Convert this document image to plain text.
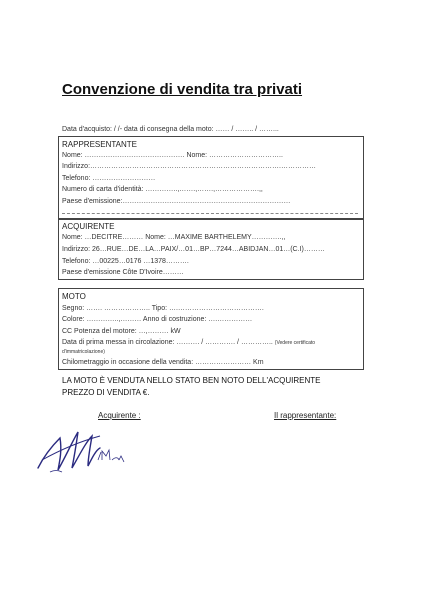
Convenzione di vendita tra privati
Data d'acquisto: / /- data di consegna della moto: …… / …….. / ……...
RAPPRESENTANTE
Nome: ……………………………………. Nome: …………………………..
Indirizzo:……………………………………………………………………….……………
Telefono: ………………………
Numero di carta d'identità: …………..,…….,…….,……………….,,
Paese d'emissione:………………………………………………………………
ACQUIRENTE
Nome: …DECITRE……… Nome: …MAXIME BARTHELEMY………….,,
Indirizzo: 26…RUE…DE…LA…PAIX/…01…BP…7244…ABIDJAN…01…(C.I)………
Telefono: …00225…0176 …1378……….
Paese d'emissione Côte D'Ivoire………
MOTO
Segno: ……. ……………….. Tipo: ….……………………………….
Colore: …………..,……… Anno di costruzione: ….……………
CC Potenza del motore: …,……… kW
Data di prima messa in circolazione: ………. / …………. / ………….. (Vedere certificato
d'immatricolazione)
Chilometraggio in occasione della vendita: …………………… Km
LA MOTO È VENDUTA NELLO STATO BEN NOTO DELL'ACQUIRENTE
PREZZO DI VENDITA €.
Acquirente :	Il rappresentante:
